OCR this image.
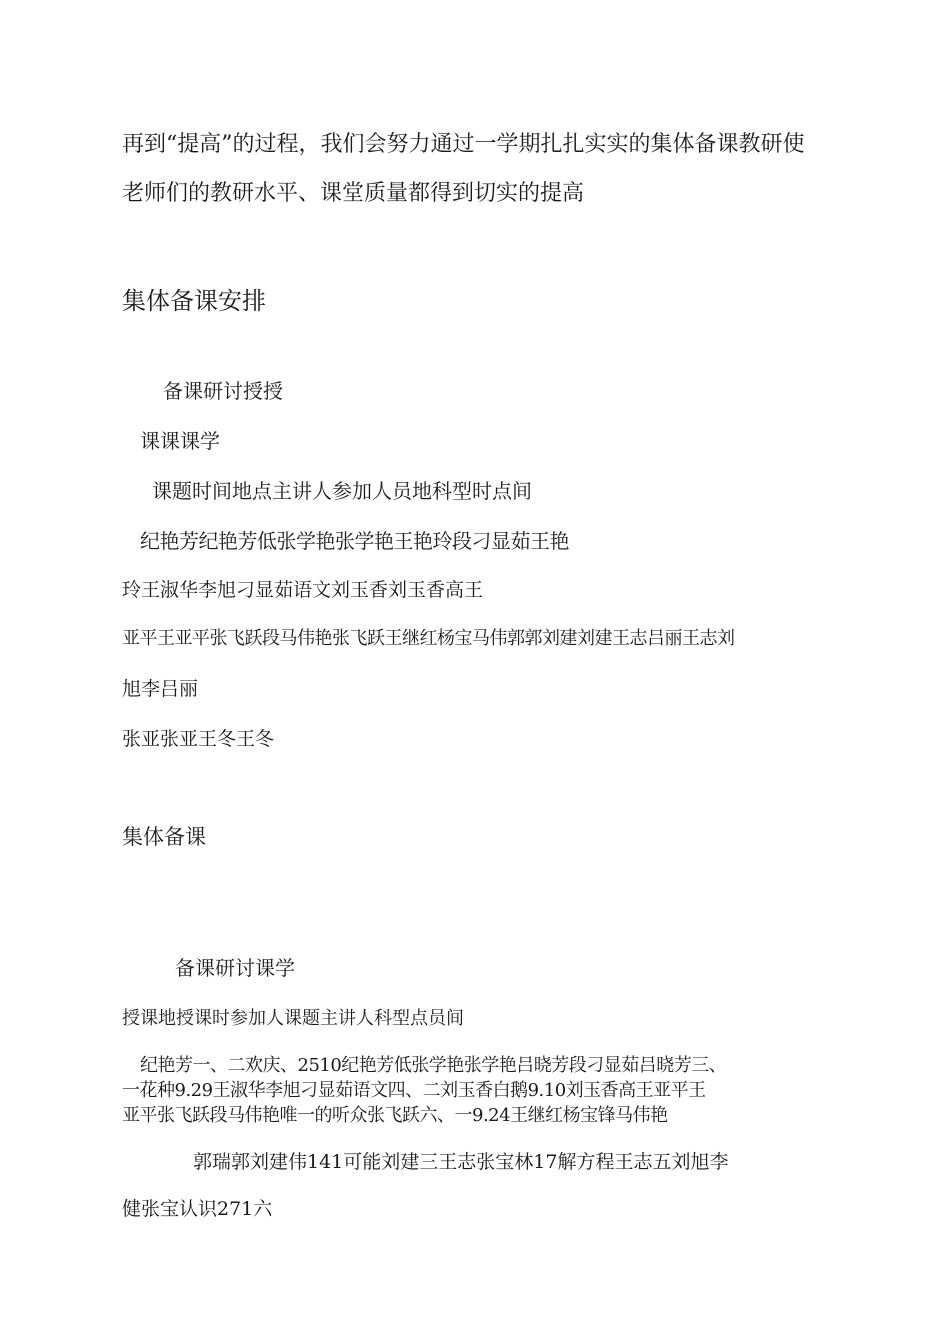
再到“提高”的过程，我们会努力通过一学期扎扎实实的集体备课教研使
老师们的教研水平、课堂质量都得到切实的提高
集体备课安排
备课研讨授授
课课课学
课题时间地点主讲人参加人员地科型时点间
纪艳芳纪艳芳低张学艳张学艳王艳玲段刁显茹王艳
玲王淑华李旭刁显茹语文刘玉香刘玉香高王
亚平王亚平张飞跃段马伟艳张飞跃王继红杨宝马伟郭郭刘建刘建王志吕丽王志刘
旭李吕丽
张亚张亚王冬王冬
集体备课
备课研讨课学
授课地授课时参加人课题主讲人科型点员间
纪艳芳一、二欢庆、2510纪艳芳低张学艳张学艳吕晓芳段刁显茹吕晓芳三、
一花种9.29王淑华李旭刁显茹语文四、二刘玉香白鹅9.10刘玉香高王亚平王
亚平张飞跃段马伟艳唯一的听众张飞跃六、一9.24王继红杨宝锋马伟艳
郭瑞郭刘建伟141可能刘建三王志张宝林17解方程王志五刘旭李
健张宝认识271六
